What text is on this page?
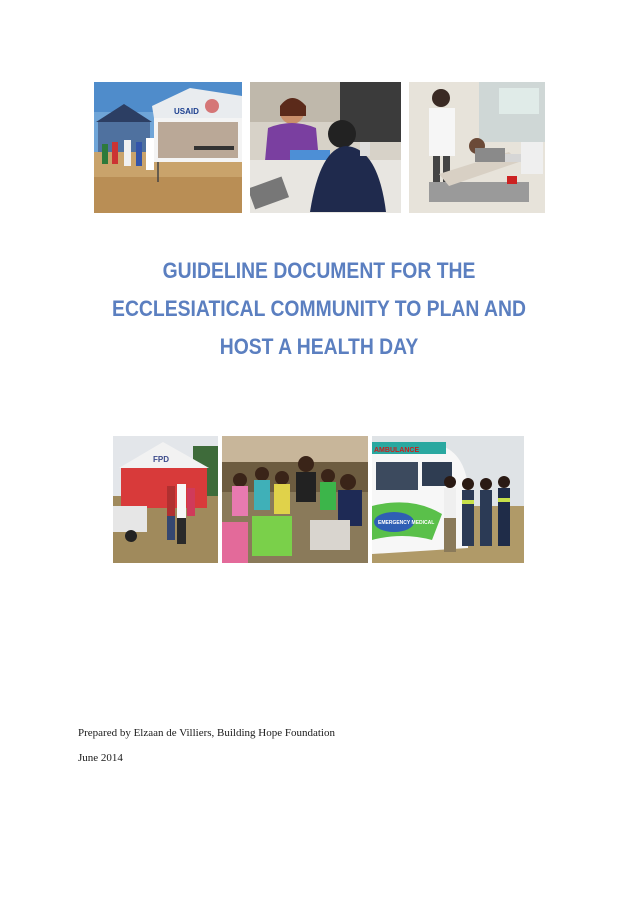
USAID
GUIDELINE DOCUMENT FOR THE
ECCLESIATICAL COMMUNITY TO PLAN AND
HOST A HEALTH DAY
FPD
AMBULANCE
EMERGENCY MEDICAL
Prepared by Elzaan de Villiers, Building Hope Foundation
June 2014
